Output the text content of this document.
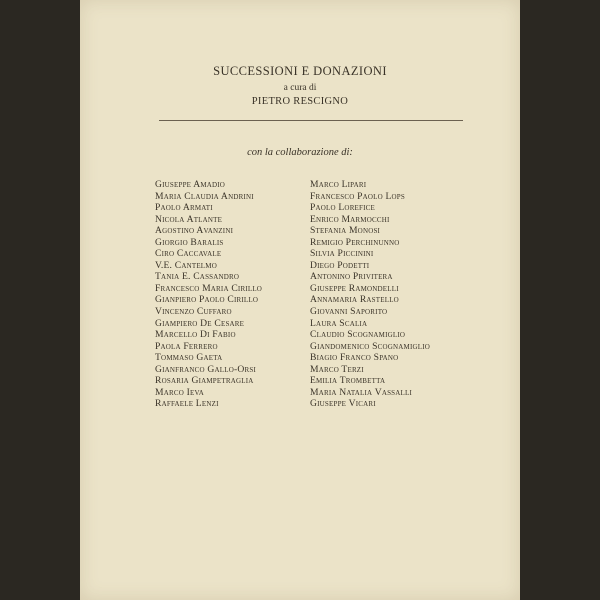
SUCCESSIONI E DONAZIONI

a cura di

PIETRO RESCIGNO

con la collaborazione di:

Giuseppe Amadio
Maria Claudia Andrini
Paolo Armati
Nicola Atlante
Agostino Avanzini
Giorgio Baralis
Ciro Caccavale
V.E. Cantelmo
Tania E. Cassandro
Francesco Maria Cirillo
Gianpiero Paolo Cirillo
Vincenzo Cuffaro
Giampiero De Cesare
Marcello Di Fabio
Paola Ferrero
Tommaso Gaeta
Gianfranco Gallo-Orsi
Rosaria Giampetraglia
Marco Ieva
Raffaele Lenzi
Marco Lipari
Francesco Paolo Lops
Paolo Lorefice
Enrico Marmocchi
Stefania Monosi
Remigio Perchinunno
Silvia Piccinini
Diego Podetti
Antonino Privitera
Giuseppe Ramondelli
Annamaria Rastello
Giovanni Saporito
Laura Scalia
Claudio Scognamiglio
Giandomenico Scognamiglio
Biagio Franco Spano
Marco Terzi
Emilia Trombetta
Maria Natalia Vassalli
Giuseppe Vicari
